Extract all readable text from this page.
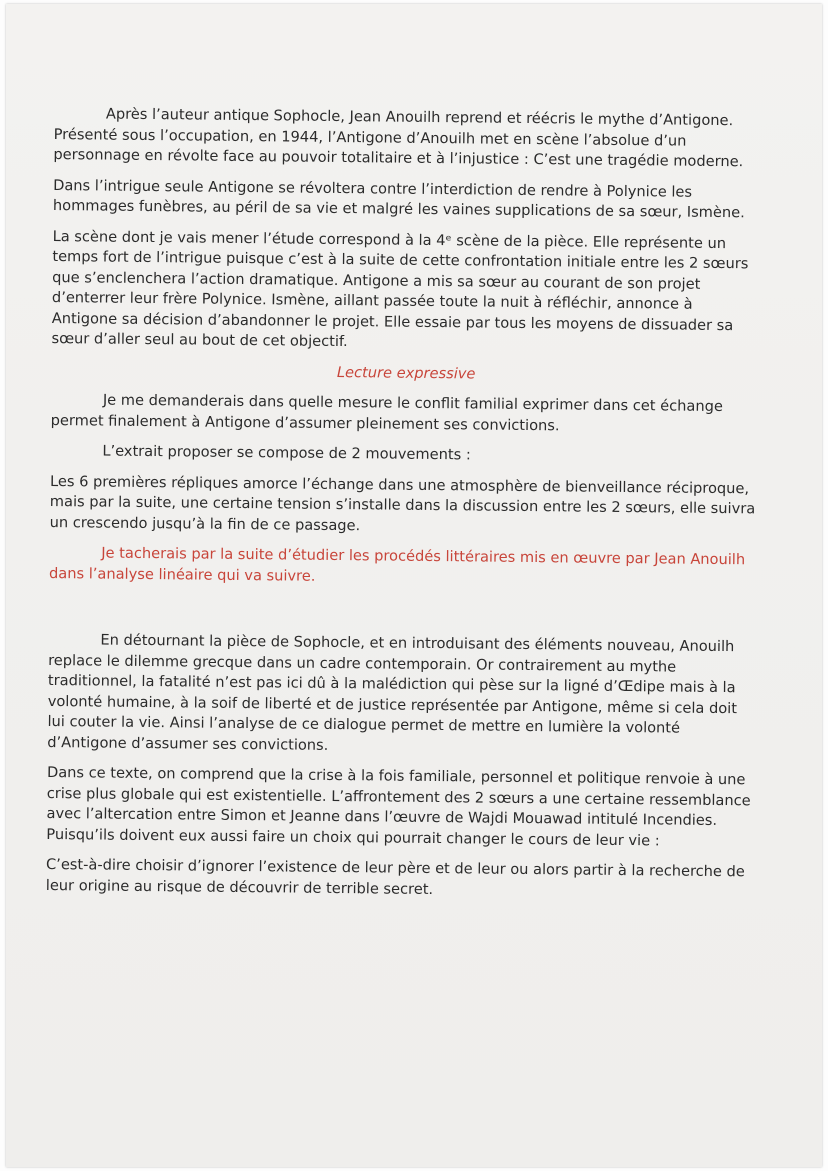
Après l’auteur antique Sophocle, Jean Anouilh reprend et réécris le mythe d’Antigone. Présenté sous l’occupation, en 1944, l’Antigone d’Anouilh met en scène l’absolue d’un personnage en révolte face au pouvoir totalitaire et à l’injustice : C’est une tragédie moderne.

Dans l’intrigue seule Antigone se révoltera contre l’interdiction de rendre à Polynice les hommages funèbres, au péril de sa vie et malgré les vaines supplications de sa sœur, Ismène.

La scène dont je vais mener l’étude correspond à la 4ᵉ scène de la pièce. Elle représente un temps fort de l’intrigue puisque c’est à la suite de cette confrontation initiale entre les 2 sœurs que s’enclenchera l’action dramatique. Antigone a mis sa sœur au courant de son projet d’enterrer leur frère Polynice. Ismène, aillant passée toute la nuit à réfléchir, annonce à Antigone sa décision d’abandonner le projet. Elle essaie par tous les moyens de dissuader sa sœur d’aller seul au bout de cet objectif.

Lecture expressive

Je me demanderais dans quelle mesure le conflit familial exprimer dans cet échange permet finalement à Antigone d’assumer pleinement ses convictions.

L’extrait proposer se compose de 2 mouvements :

Les 6 premières répliques amorce l’échange dans une atmosphère de bienveillance réciproque, mais par la suite, une certaine tension s’installe dans la discussion entre les 2 sœurs, elle suivra un crescendo jusqu’à la fin de ce passage.

Je tacherais par la suite d’étudier les procédés littéraires mis en œuvre par Jean Anouilh dans l’analyse linéaire qui va suivre.

En détournant la pièce de Sophocle, et en introduisant des éléments nouveau, Anouilh replace le dilemme grecque dans un cadre contemporain. Or contrairement au mythe traditionnel, la fatalité n’est pas ici dû à la malédiction qui pèse sur la ligné d’Œdipe mais à la volonté humaine, à la soif de liberté et de justice représentée par Antigone, même si cela doit lui couter la vie. Ainsi l’analyse de ce dialogue permet de mettre en lumière la volonté d’Antigone d’assumer ses convictions.

Dans ce texte, on comprend que la crise à la fois familiale, personnel et politique renvoie à une crise plus globale qui est existentielle. L’affrontement des 2 sœurs a une certaine ressemblance avec l’altercation entre Simon et Jeanne dans l’œuvre de Wajdi Mouawad intitulé Incendies. Puisqu’ils doivent eux aussi faire un choix qui pourrait changer le cours de leur vie :

C’est-à-dire choisir d’ignorer l’existence de leur père et de leur ou alors partir à la recherche de leur origine au risque de découvrir de terrible secret.
